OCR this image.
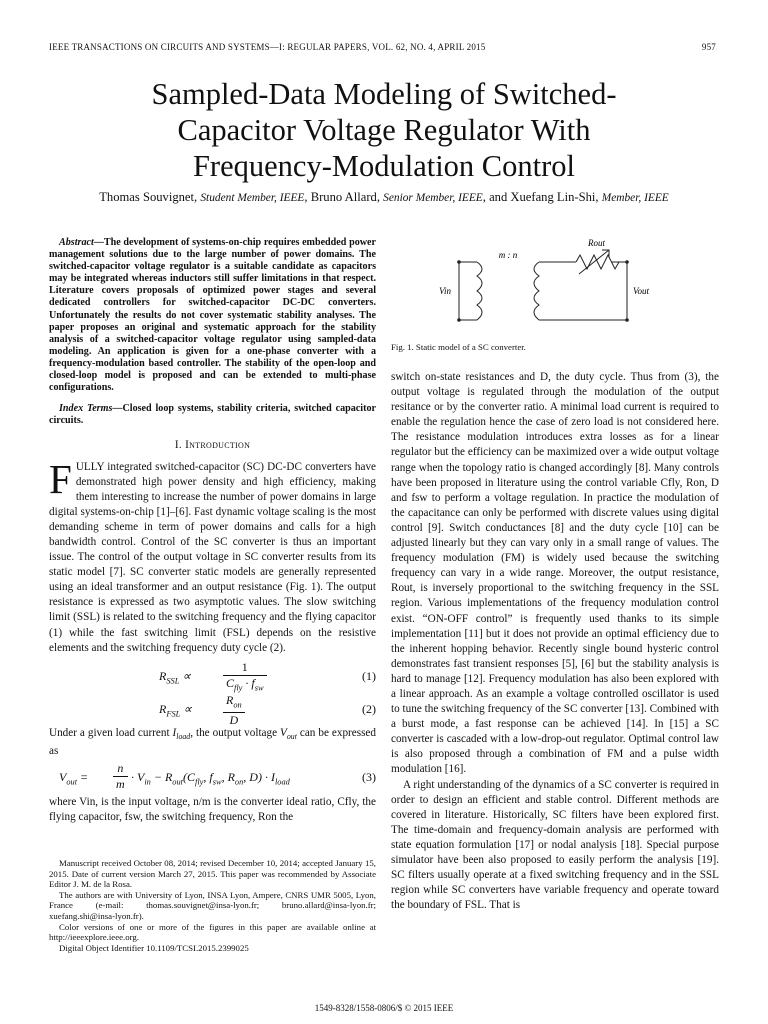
IEEE TRANSACTIONS ON CIRCUITS AND SYSTEMS—I: REGULAR PAPERS, VOL. 62, NO. 4, APRIL 2015	957
Sampled-Data Modeling of Switched-
Capacitor Voltage Regulator With
Frequency-Modulation Control
Thomas Souvignet, Student Member, IEEE, Bruno Allard, Senior Member, IEEE, and Xuefang Lin-Shi, Member, IEEE

Abstract—The development of systems-on-chip requires embedded power management solutions due to the large number of power domains. The switched-capacitor voltage regulator is a suitable candidate as capacitors may be integrated whereas inductors still suffer limitations in that respect. Literature covers proposals of optimized power stages and several dedicated controllers for switched-capacitor DC-DC converters. Unfortunately the results do not cover systematic stability analyses. The paper proposes an original and systematic approach for the stability analysis of a switched-capacitor voltage regulator using sampled-data modeling. An application is given for a one-phase converter with a frequency-modulation based controller. The stability of the open-loop and closed-loop model is proposed and can be extended to multi-phase configurations.

Index Terms—Closed loop systems, stability criteria, switched capacitor circuits.

I. Introduction

FULLY integrated switched-capacitor (SC) DC-DC converters have demonstrated high power density and high efficiency, making them interesting to increase the number of power domains in large digital systems-on-chip [1]–[6]. Fast dynamic voltage scaling is the most demanding scheme in term of power domains and calls for a high bandwidth control. Control of the SC converter is thus an important issue. The control of the output voltage in SC converter results from its static model [7]. SC converter static models are generally represented using an ideal transformer and an output resistance (Fig. 1). The output resistance is expressed as two asymptotic values. The slow switching limit (SSL) is related to the switching frequency and the flying capacitor (1) while the fast switching limit (FSL) depends on the resistive elements and the switching frequency duty cycle (2).

$R_{SSL}$ ∝
1
$C_{fly} \cdot f_{sw}$
(1)
$R_{FSL}$ ∝
$R_{on}$
D
(2)

Under a given load current $I_{load}$, the output voltage $V_{out}$ can be expressed as

$V_{out} = \frac{n}{m} \cdot V_{in} - R_{out}(C_{fly}$, $f_{sw}$, $R_{on}$, $D) \cdot I_{load}$	(3)

where Vin, is the input voltage, n/m is the converter ideal ratio, Cfly, the flying capacitor, fsw, the switching frequency, Ron the

m : n
Rout
Vin	Vout
Fig. 1. Static model of a SC converter.

switch on-state resistances and D, the duty cycle. Thus from (3), the output voltage is regulated through the modulation of the output resitance or by the converter ratio. A minimal load current is required to enable the regulation hence the case of zero load is not considered here. The resistance modulation introduces extra losses as for a linear regulator but the efficiency can be maximized over a wide output voltage range when the topology ratio is changed accordingly [8]. Many controls have been proposed in literature using the control variable Cfly, Ron, D and fsw to perform a voltage regulation. In practice the modulation of the capacitance can only be performed with discrete values using digital control [9]. Switch conductances [8] and the duty cycle [10] can be adjusted linearly but they can vary only in a small range of values. The frequency modulation (FM) is widely used because the switching frequency can vary in a wide range. Moreover, the output resistance, Rout, is inversely proportional to the switching frequency in the SSL region. Various implementations of the frequency modulation control exist. “ON-OFF control” is frequently used thanks to its simple implementation [11] but it does not provide an optimal efficiency due to the inherent hopping behavior. Recently single bound hysteric control demonstrates fast transient responses [5], [6] but the stability analysis is hard to manage [12]. Frequency modulation has also been explored with a linear approach. As an example a voltage controlled oscillator is used to tune the switching frequency of the SC converter [13]. Combined with a burst mode, a fast response can be achieved [14]. In [15] a SC converter is cascaded with a low-drop-out regulator. Optimal control law is also proposed through a combination of FM and a pulse width modulation [16].

A right understanding of the dynamics of a SC converter is required in order to design an efficient and stable control. Different methods are covered in literature. Historically, SC filters have been explored first. The time-domain and frequency-domain analysis are performed with state equation formulation [17] or nodal analysis [18]. Special purpose simulator have been also proposed to easily perform the analysis [19]. SC filters usually operate at a fixed switching frequency and in the SSL region while SC converters have variable frequency and operate toward the boundary of FSL. That is

Manuscript received October 08, 2014; revised December 10, 2014; accepted January 15, 2015. Date of current version March 27, 2015. This paper was recommended by Associate Editor J. M. de la Rosa.

The authors are with University of Lyon, INSA Lyon, Ampere, CNRS UMR 5005, Lyon, France (e-mail: thomas.souvignet@insa-lyon.fr; bruno.allard@insa-lyon.fr; xuefang.shi@insa-lyon.fr).

Color versions of one or more of the figures in this paper are available online at http://ieeexplore.ieee.org.

Digital Object Identifier 10.1109/TCSI.2015.2399025

1549-8328/1558-0806/$ © 2015 IEEE
